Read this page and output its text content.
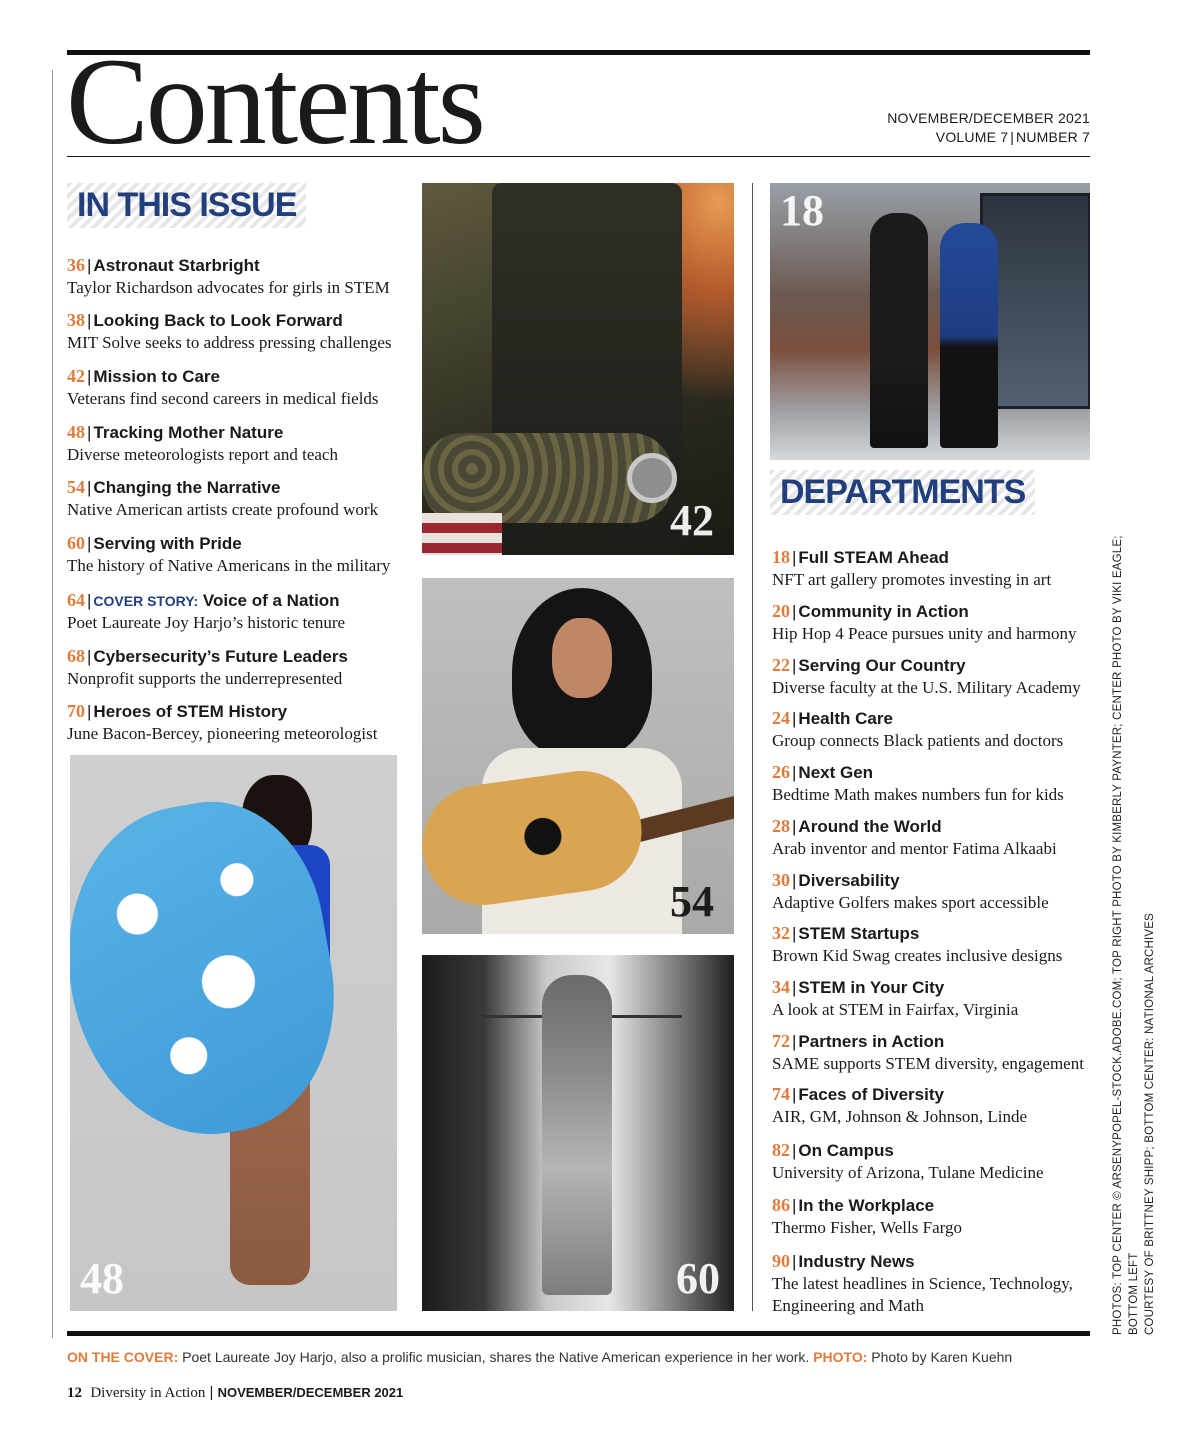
Contents	NOVEMBER/DECEMBER 2021
VOLUME 7 | NUMBER 7
IN THIS ISSUE
DEPARTMENTS
36 | Astronaut Starbright
Taylor Richardson advocates for girls in STEM
38 | Looking Back to Look Forward
MIT Solve seeks to address pressing challenges
42 | Mission to Care
Veterans find second careers in medical fields
48 | Tracking Mother Nature
Diverse meteorologists report and teach
54 | Changing the Narrative
Native American artists create profound work
60 | Serving with Pride
The history of Native Americans in the military
64 | COVER STORY: Voice of a Nation
Poet Laureate Joy Harjo’s historic tenure
68 | Cybersecurity’s Future Leaders
Nonprofit supports the underrepresented
70 | Heroes of STEM History
June Bacon-Bercey, pioneering meteorologist
18 | Full STEAM Ahead
NFT art gallery promotes investing in art
20 | Community in Action
Hip Hop 4 Peace pursues unity and harmony
22 | Serving Our Country
Diverse faculty at the U.S. Military Academy
24 | Health Care
Group connects Black patients and doctors
26 | Next Gen
Bedtime Math makes numbers fun for kids
28 | Around the World
Arab inventor and mentor Fatima Alkaabi
30 | Diversability
Adaptive Golfers makes sport accessible
32 | STEM Startups
Brown Kid Swag creates inclusive designs
34 | STEM in Your City
A look at STEM in Fairfax, Virginia
72 | Partners in Action
SAME supports STEM diversity, engagement
74 | Faces of Diversity
AIR, GM, Johnson & Johnson, Linde
82 | On Campus
University of Arizona, Tulane Medicine
86 | In the Workplace
Thermo Fisher, Wells Fargo
90 | Industry News
The latest headlines in Science, Technology,
Engineering and Math
42
18
54
60
48	PHOTOS: TOP CENTER © ARSENYPOPEL-STOCK.ADOBE.COM; TOP RIGHT PHOTO BY KIMBERLY PAYNTER; CENTER PHOTO BY VIKI EAGLE; BOTTOM LEFT COURTESY OF BRITTNEY SHIPP; BOTTOM CENTER: NATIONAL ARCHIVES
ON THE COVER: Poet Laureate Joy Harjo, also a prolific musician, shares the Native American experience in her work. PHOTO: Photo by Karen Kuehn
12 Diversity in Action | NOVEMBER/DECEMBER 2021
